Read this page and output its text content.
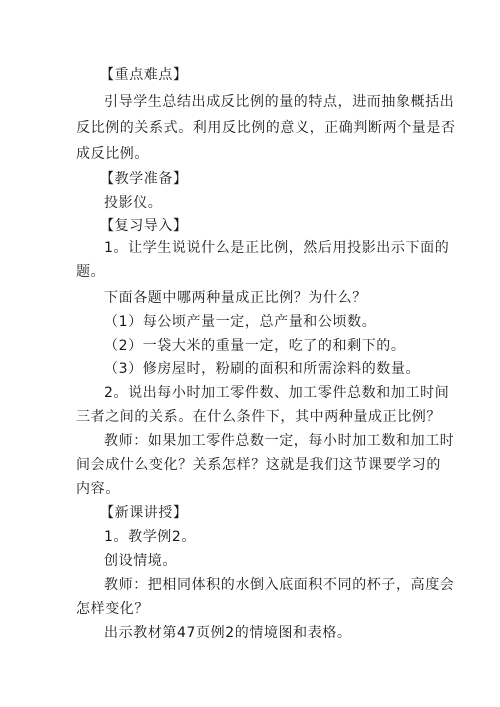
【重点难点】
引导学生总结出成反比例的量的特点，进而抽象概括出
反比例的关系式。利用反比例的意义，正确判断两个量是否
成反比例。
【教学准备】
投影仪。
【复习导入】
1。让学生说说什么是正比例，然后用投影出示下面的
题。
下面各题中哪两种量成正比例？为什么？
（1）每公顷产量一定，总产量和公顷数。
（2）一袋大米的重量一定，吃了的和剩下的。
（3）修房屋时，粉刷的面积和所需涂料的数量。
2。说出每小时加工零件数、加工零件总数和加工时间
三者之间的关系。在什么条件下，其中两种量成正比例？
教师：如果加工零件总数一定，每小时加工数和加工时
间会成什么变化？关系怎样？这就是我们这节课要学习的
内容。
【新课讲授】
1。教学例2。
创设情境。
教师：把相同体积的水倒入底面积不同的杯子，高度会
怎样变化？
出示教材第47页例2的情境图和表格。
